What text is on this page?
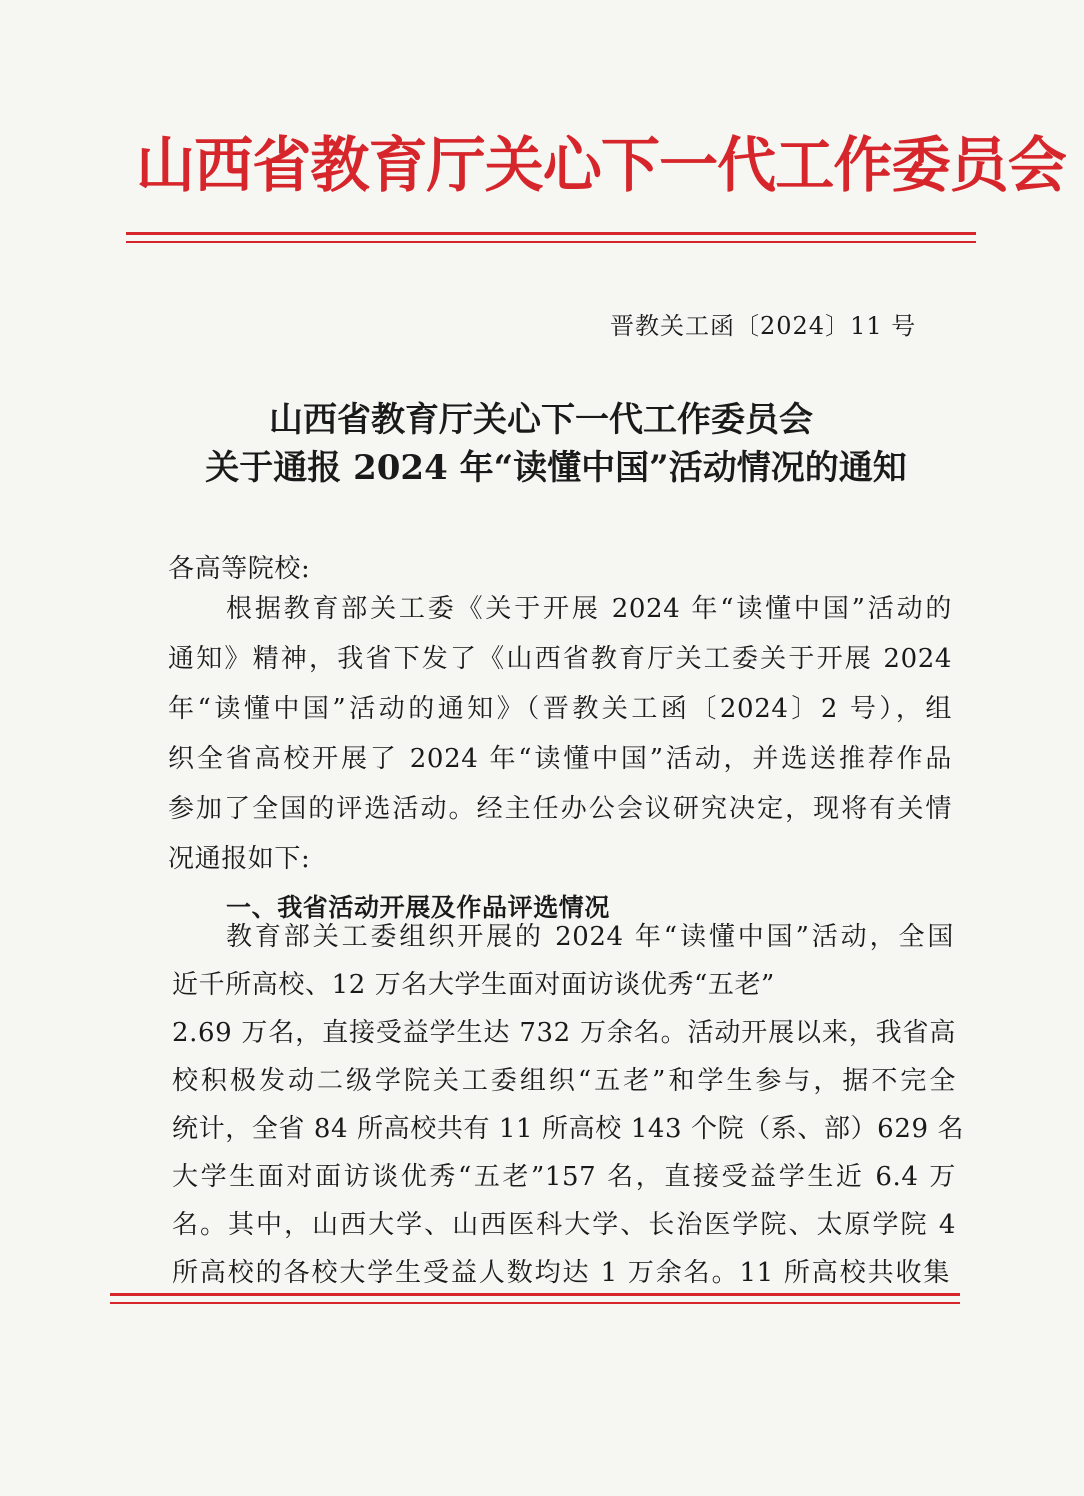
山西省教育厅关心下一代工作委员会
晋教关工函〔2024〕11 号
山西省教育厅关心下一代工作委员会
关于通报 2024 年“读懂中国”活动情况的通知
各高等院校:
根据教育部关工委《关于开展 2024 年“读懂中国”活动的
通知》精神，我省下发了《山西省教育厅关工委关于开展 2024
年“读懂中国”活动的通知》（晋教关工函〔2024〕2 号），组
织全省高校开展了 2024 年“读懂中国”活动，并选送推荐作品
参加了全国的评选活动。经主任办公会议研究决定，现将有关情
况通报如下:
一、我省活动开展及作品评选情况
教育部关工委组织开展的 2024 年“读懂中国”活动，全国
近千所高校、12 万名大学生面对面访谈优秀“五老”
2.69 万名，直接受益学生达 732 万余名。活动开展以来，我省高
校积极发动二级学院关工委组织“五老”和学生参与，据不完全
统计，全省 84 所高校共有 11 所高校 143 个院（系、部）629 名
大学生面对面访谈优秀“五老”157 名，直接受益学生近 6.4 万
名。其中，山西大学、山西医科大学、长治医学院、太原学院 4
所高校的各校大学生受益人数均达 1 万余名。11 所高校共收集
